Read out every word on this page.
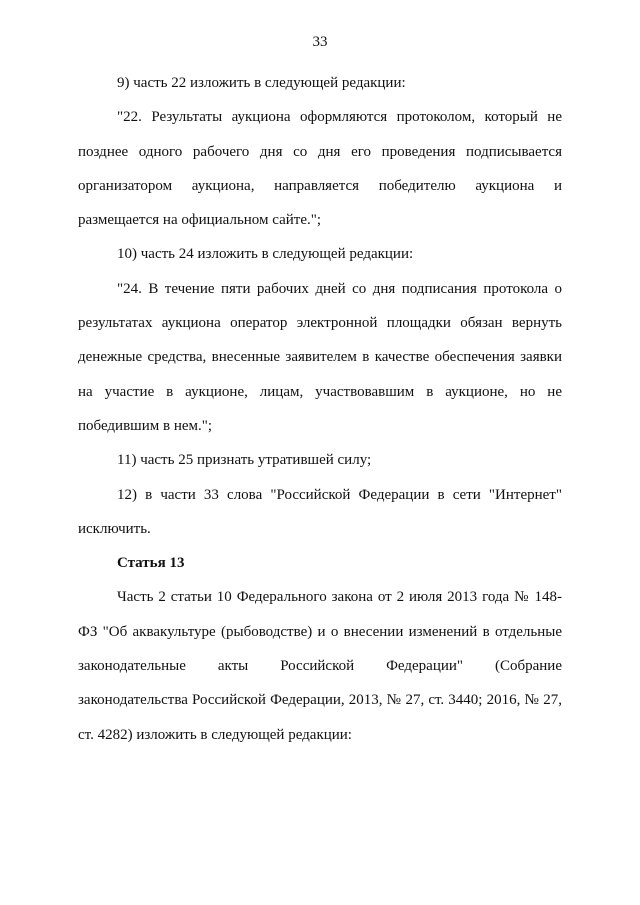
33

9) часть 22 изложить в следующей редакции:

"22. Результаты аукциона оформляются протоколом, который не позднее одного рабочего дня со дня его проведения подписывается организатором аукциона, направляется победителю аукциона и размещается на официальном сайте.";

10) часть 24 изложить в следующей редакции:

"24. В течение пяти рабочих дней со дня подписания протокола о результатах аукциона оператор электронной площадки обязан вернуть денежные средства, внесенные заявителем в качестве обеспечения заявки на участие в аукционе, лицам, участвовавшим в аукционе, но не победившим в нем.";

11) часть 25 признать утратившей силу;

12) в части 33 слова "Российской Федерации в сети "Интернет" исключить.

Статья 13

Часть 2 статьи 10 Федерального закона от 2 июля 2013 года № 148-ФЗ "Об аквакультуре (рыбоводстве) и о внесении изменений в отдельные законодательные акты Российской Федерации" (Собрание законодательства Российской Федерации, 2013, № 27, ст. 3440; 2016, № 27, ст. 4282) изложить в следующей редакции:
